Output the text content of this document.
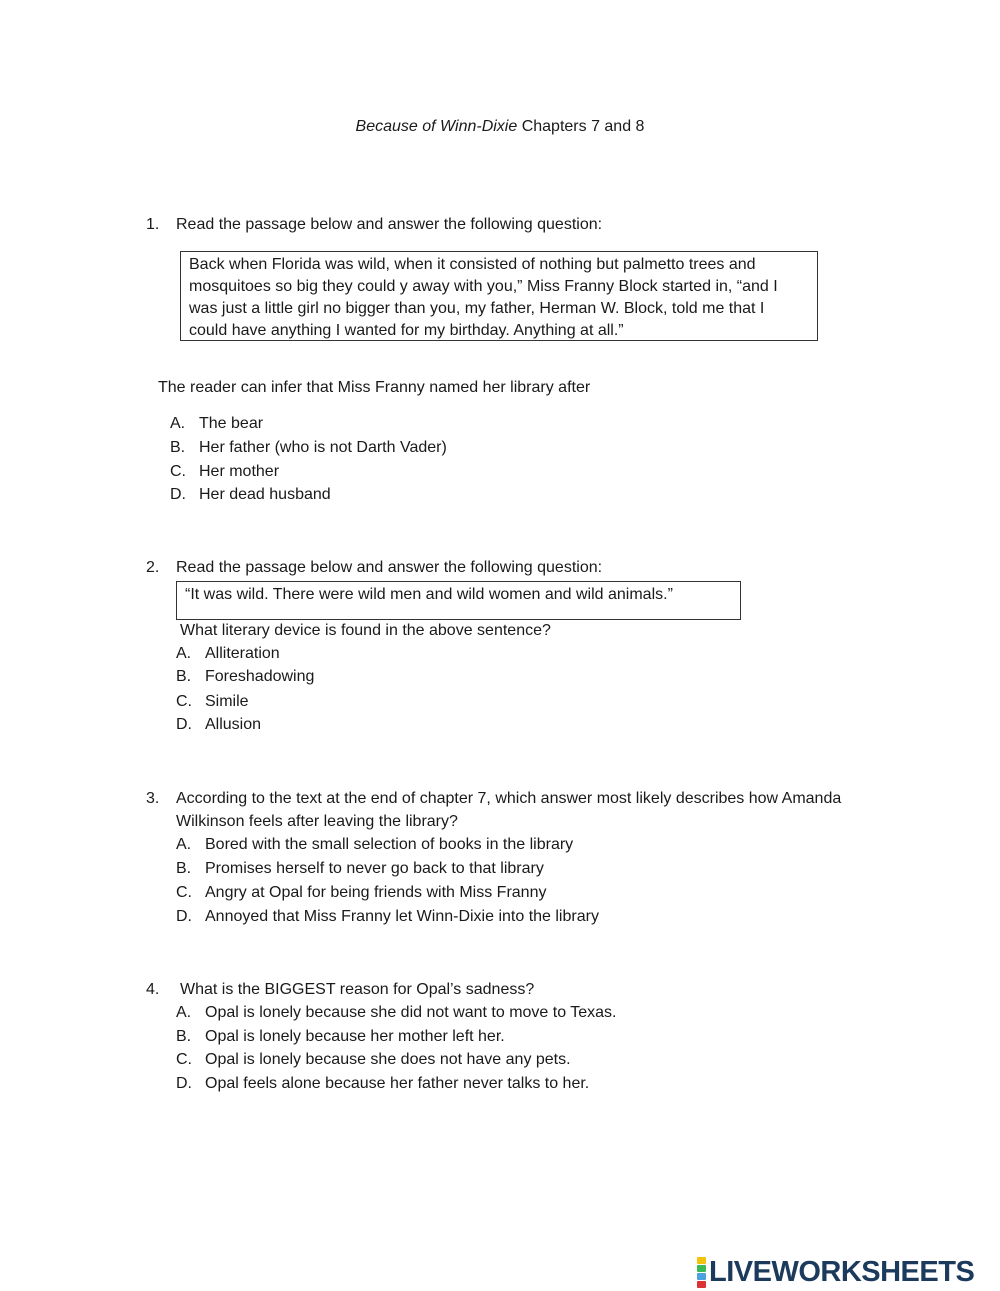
Because of Winn-Dixie Chapters 7 and 8
1. Read the passage below and answer the following question:
Back when Florida was wild, when it consisted of nothing but palmetto trees and
mosquitoes so big they could y away with you,” Miss Franny Block started in, “and I
was just a little girl no bigger than you, my father, Herman W. Block, told me that I
could have anything I wanted for my birthday. Anything at all.”
The reader can infer that Miss Franny named her library after
A. The bear
B. Her father (who is not Darth Vader)
C. Her mother
D. Her dead husband
2. Read the passage below and answer the following question:
“It was wild. There were wild men and wild women and wild animals.”
What literary device is found in the above sentence?
A. Alliteration
B. Foreshadowing
C. Simile
D. Allusion
3. According to the text at the end of chapter 7, which answer most likely describes how Amanda
Wilkinson feels after leaving the library?
A. Bored with the small selection of books in the library
B. Promises herself to never go back to that library
C. Angry at Opal for being friends with Miss Franny
D. Annoyed that Miss Franny let Winn-Dixie into the library
4. What is the BIGGEST reason for Opal’s sadness?
A. Opal is lonely because she did not want to move to Texas.
B. Opal is lonely because her mother left her.
C. Opal is lonely because she does not have any pets.
D. Opal feels alone because her father never talks to her.
LIVEWORKSHEETS
